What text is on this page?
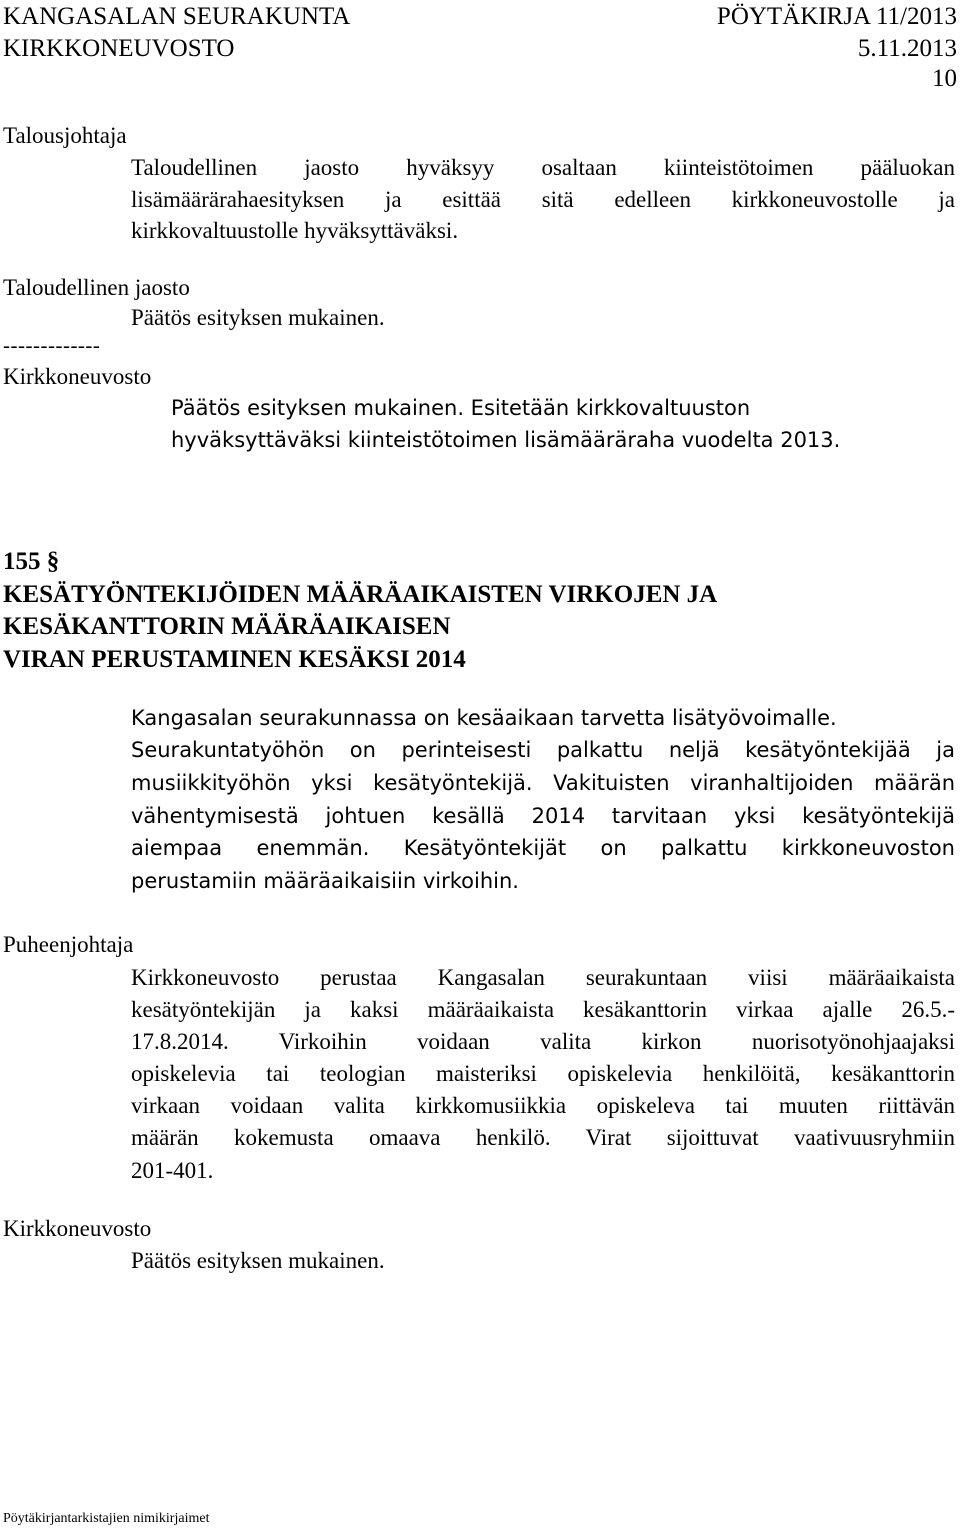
KANGASALAN SEURAKUNTA	PÖYTÄKIRJA 11/2013
KIRKKONEUVOSTO	5.11.2013
10
Talousjohtaja
Taloudellinen jaosto hyväksyy osaltaan kiinteistötoimen pääluokan
lisämäärärahaesityksen ja esittää sitä edelleen kirkkoneuvostolle ja
kirkkovaltuustolle hyväksyttäväksi.
Taloudellinen jaosto
Päätös esityksen mukainen.
-------------
Kirkkoneuvosto
Päätös esityksen mukainen. Esitetään kirkkovaltuuston
hyväksyttäväksi kiinteistötoimen lisämääräraha vuodelta 2013.
155 §
KESÄTYÖNTEKIJÖIDEN MÄÄRÄAIKAISTEN VIRKOJEN JA
KESÄKANTTORIN MÄÄRÄAIKAISEN
VIRAN PERUSTAMINEN KESÄKSI 2014
Kangasalan seurakunnassa on kesäaikaan tarvetta lisätyövoimalle.
Seurakuntatyöhön on perinteisesti palkattu neljä kesätyöntekijää ja
musiikkityöhön yksi kesätyöntekijä. Vakituisten viranhaltijoiden määrän
vähentymisestä johtuen kesällä 2014 tarvitaan yksi kesätyöntekijä
aiempaa enemmän. Kesätyöntekijät on palkattu kirkkoneuvoston
perustamiin määräaikaisiin virkoihin.
Puheenjohtaja
Kirkkoneuvosto perustaa Kangasalan seurakuntaan viisi määräaikaista
kesätyöntekijän ja kaksi määräaikaista kesäkanttorin virkaa ajalle 26.5.-
17.8.2014. Virkoihin voidaan valita kirkon nuorisotyönohjaajaksi
opiskelevia tai teologian maisteriksi opiskelevia henkilöitä, kesäkanttorin
virkaan voidaan valita kirkkomusiikkia opiskeleva tai muuten riittävän
määrän kokemusta omaava henkilö. Virat sijoittuvat vaativuusryhmiin
201-401.
Kirkkoneuvosto
Päätös esityksen mukainen.
Pöytäkirjantarkistajien nimikirjaimet
